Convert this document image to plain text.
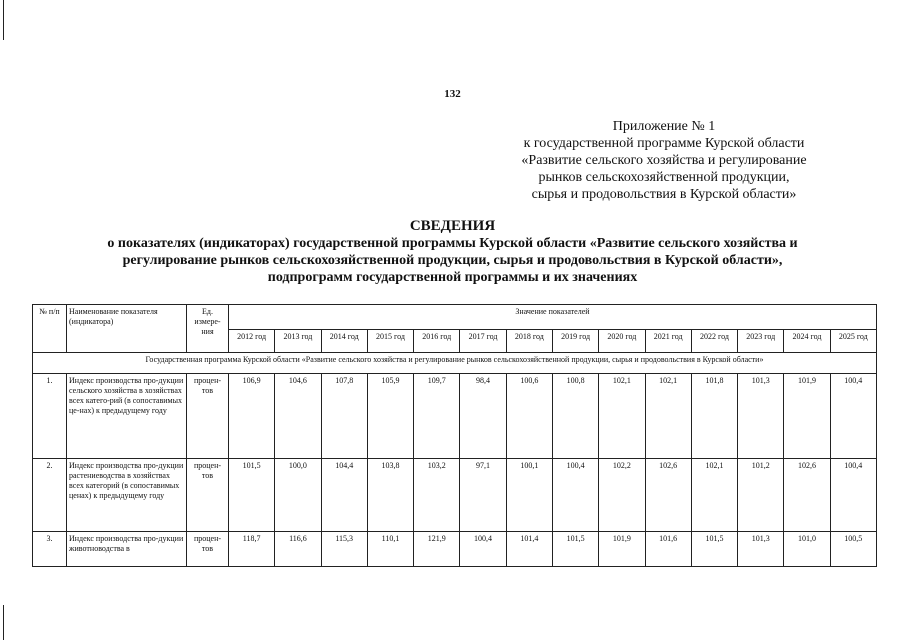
132
Приложение № 1
к государственной программе Курской области
«Развитие сельского хозяйства и регулирование
рынков сельскохозяйственной продукции,
сырья и продовольствия в Курской области»
СВЕДЕНИЯ
о показателях (индикаторах) государственной программы Курской области «Развитие сельского хозяйства и
регулирование рынков сельскохозяйственной продукции, сырья и продовольствия в Курской области»,
подпрограмм государственной программы и их значениях
№ п/п	Наименование показателя (индикатора)	Ед. измере-ния	Значение показателей													
			2012 год	2013 год	2014 год	2015 год	2016 год	2017 год	2018 год	2019 год	2020 год	2021 год	2022 год	2023 год	2024 год	2025 год
Государственная программа Курской области «Развитие сельского хозяйства и регулирование рынков сельскохозяйственной продукции, сырья и продовольствия в Курской области»																
1.	Индекс производства про-дукции сельского хозяйства в хозяйствах всех катего-рий (в сопоставимых це-нах) к предыдущему году	процен-тов	106,9	104,6	107,8	105,9	109,7	98,4	100,6	100,8	102,1	102,1	101,8	101,3	101,9	100,4
2.	Индекс производства про-дукции растениеводства в хозяйствах всех категорий (в сопоставимых ценах) к предыдущему году	процен-тов	101,5	100,0	104,4	103,8	103,2	97,1	100,1	100,4	102,2	102,6	102,1	101,2	102,6	100,4
3.	Индекс производства про-дукции животноводства в	процен-тов	118,7	116,6	115,3	110,1	121,9	100,4	101,4	101,5	101,9	101,6	101,5	101,3	101,0	100,5
